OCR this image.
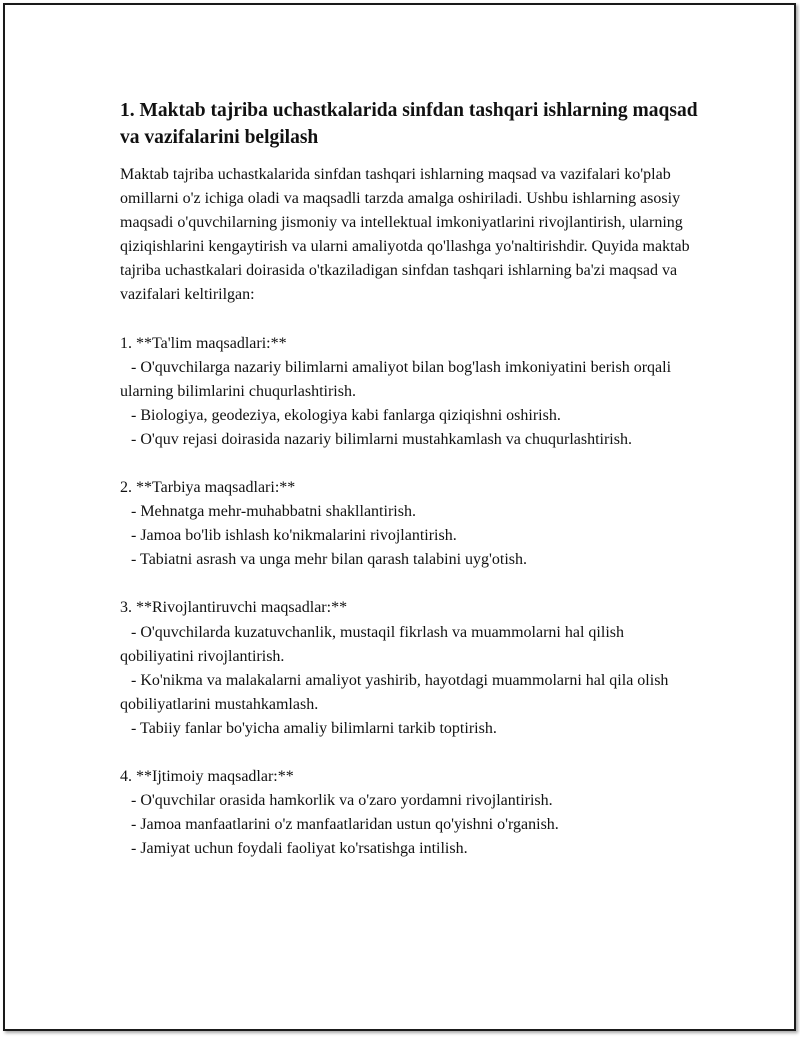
1. Maktab tajriba uchastkalarida sinfdan tashqari ishlarning maqsad va vazifalarini belgilash

Maktab tajriba uchastkalarida sinfdan tashqari ishlarning maqsad va vazifalari ko'plab omillarni o'z ichiga oladi va maqsadli tarzda amalga oshiriladi. Ushbu ishlarning asosiy maqsadi o'quvchilarning jismoniy va intellektual imkoniyatlarini rivojlantirish, ularning qiziqishlarini kengaytirish va ularni amaliyotda qo'llashga yo'naltirishdir. Quyida maktab tajriba uchastkalari doirasida o'tkaziladigan sinfdan tashqari ishlarning ba'zi maqsad va vazifalari keltirilgan:

1. **Ta'lim maqsadlari:**

- O'quvchilarga nazariy bilimlarni amaliyot bilan bog'lash imkoniyatini berish orqali ularning bilimlarini chuqurlashtirish.

- Biologiya, geodeziya, ekologiya kabi fanlarga qiziqishni oshirish.

- O'quv rejasi doirasida nazariy bilimlarni mustahkamlash va chuqurlashtirish.

2. **Tarbiya maqsadlari:**

- Mehnatga mehr-muhabbatni shakllantirish.

- Jamoa bo'lib ishlash ko'nikmalarini rivojlantirish.

- Tabiatni asrash va unga mehr bilan qarash talabini uyg'otish.

3. **Rivojlantiruvchi maqsadlar:**

- O'quvchilarda kuzatuvchanlik, mustaqil fikrlash va muammolarni hal qilish qobiliyatini rivojlantirish.

- Ko'nikma va malakalarni amaliyot yashirib, hayotdagi muammolarni hal qila olish qobiliyatlarini mustahkamlash.

- Tabiiy fanlar bo'yicha amaliy bilimlarni tarkib toptirish.

4. **Ijtimoiy maqsadlar:**

- O'quvchilar orasida hamkorlik va o'zaro yordamni rivojlantirish.

- Jamoa manfaatlarini o'z manfaatlaridan ustun qo'yishni o'rganish.

- Jamiyat uchun foydali faoliyat ko'rsatishga intilish.
